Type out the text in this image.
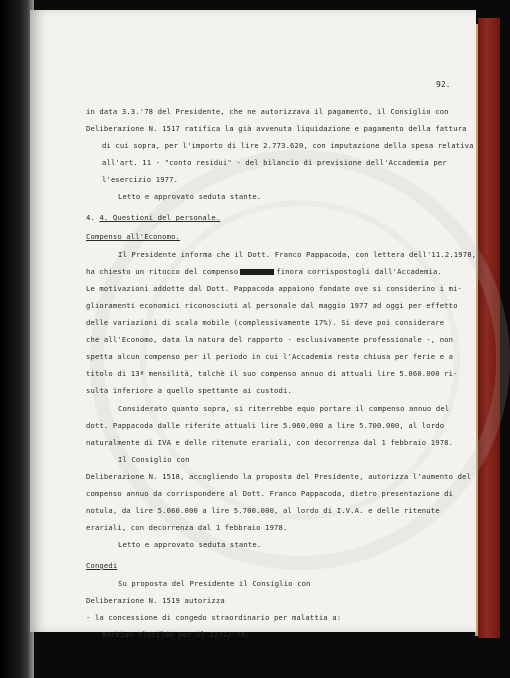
92.
in data 3.3.'78 del Presidente, che ne autorizzava il pagamento, il Consiglio con
Deliberazione N. 1517 ratifica la già avvenuta liquidazione e pagamento della fattura
di cui sopra, per l'importo di lire 2.773.620, con imputazione della spesa relativa
all'art. 11 - "conto residui" - del bilancio di previsione dell'Accademia per
l'esercizio 1977.
Letto e approvato seduta stante.
4. 4. Questioni del personale.
Compenso all'Economo.
Il Presidente informa che il Dott. Franco Pappacoda, con lettera dell'11.2.1978,
ha chiesto un ritocco del compenso	finora corrispostogli dall'Accademia.
Le motivazioni addotte dal Dott. Pappacoda appaiono fondate ove si considerino i mi-
glioramenti economici riconosciuti al personale dal maggio 1977 ad oggi per effetto
delle variazioni di scala mobile (complessivamente 17%). Si deve poi considerare
che all'Economo, data la natura del rapporto - esclusivamente professionale -, non
spetta alcun compenso per il periodo in cui l'Accademia resta chiusa per ferie e a
titolo di 13ª mensilità, talchè il suo compenso annuo di attuali lire 5.060.000 ri-
sulta inferiore a quello spettante ai custodi.
Considerato quanto sopra, si riterrebbe equo portare il compenso annuo del
dott. Pappacoda dalle riferite attuali lire 5.060.000 a lire 5.700.000, al lordo
naturalmente di IVA e delle ritenute erariali, con decorrenza dal 1 febbraio 1978.
Il Consiglio con
Deliberazione N. 1518, accogliendo la proposta del Presidente, autorizza l'aumento del
compenso annuo da corrispondere al Dott. Franco Pappacoda, dietro presentazione di
notula, da lire 5.060.000 a lire 5.700.000, al lordo di I.V.A. e delle ritenute
erariali, con decorrenza dal 1 febbraio 1978.
Letto e approvato seduta stante.
Congedi
Su proposta del Presidente il Consiglio con
Deliberazione N. 1519 autorizza
- la concessione di congedo straordinario per malattia a:
Barbian Clotilde per il 22/2/'78;
